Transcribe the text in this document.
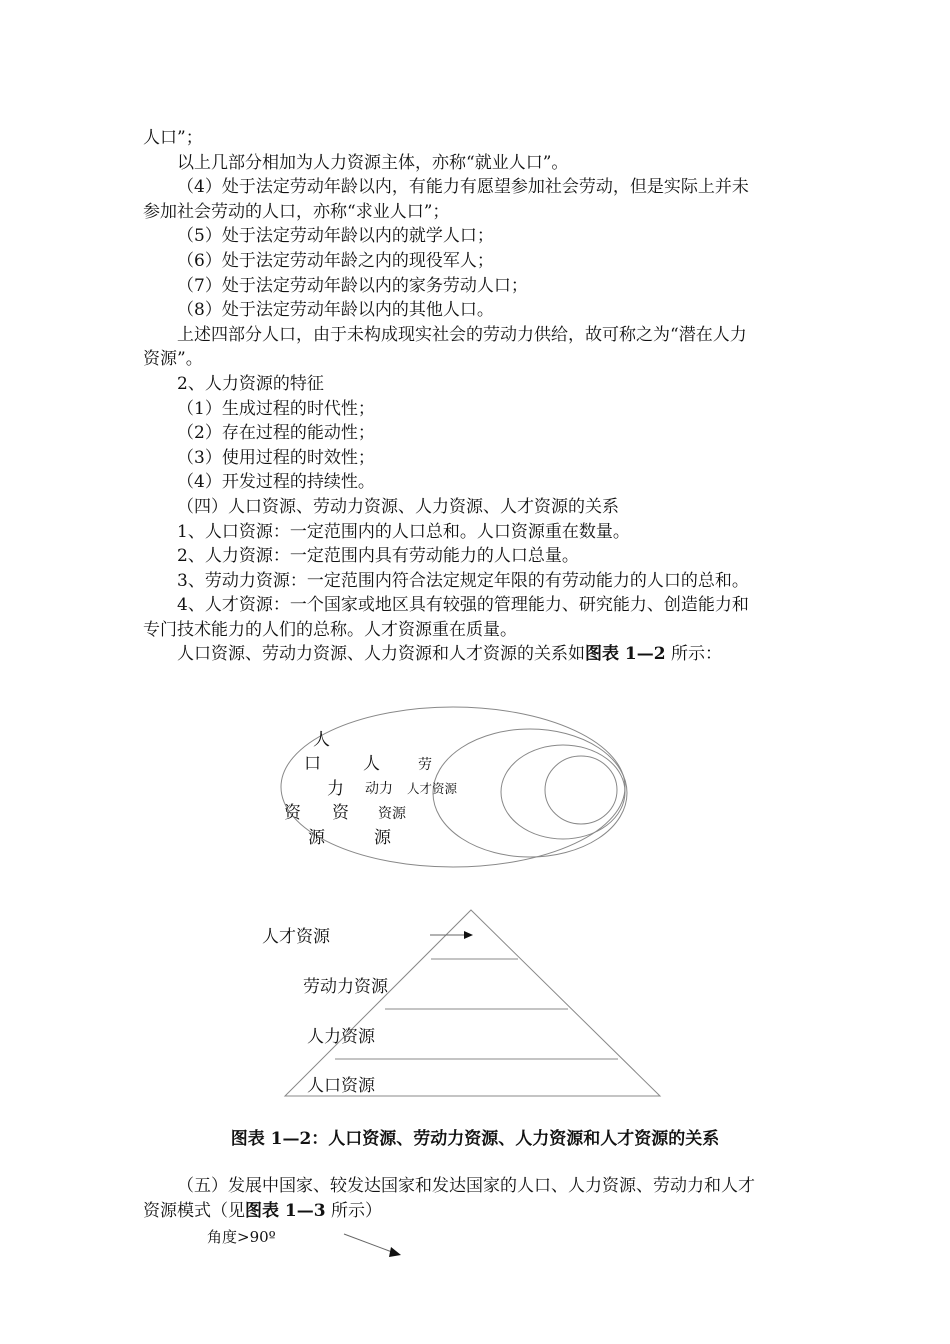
人口”；
以上几部分相加为人力资源主体，亦称“就业人口”。
（4）处于法定劳动年龄以内，有能力有愿望参加社会劳动，但是实际上并未
参加社会劳动的人口，亦称“求业人口”；
（5）处于法定劳动年龄以内的就学人口；
（6）处于法定劳动年龄之内的现役军人；
（7）处于法定劳动年龄以内的家务劳动人口；
（8）处于法定劳动年龄以内的其他人口。
上述四部分人口，由于未构成现实社会的劳动力供给，故可称之为“潜在人力
资源”。
2、人力资源的特征
（1）生成过程的时代性；
（2）存在过程的能动性；
（3）使用过程的时效性；
（4）开发过程的持续性。
（四）人口资源、劳动力资源、人力资源、人才资源的关系
1、人口资源：一定范围内的人口总和。人口资源重在数量。
2、人力资源：一定范围内具有劳动能力的人口总量。
3、劳动力资源：一定范围内符合法定规定年限的有劳动能力的人口的总和。
4、人才资源：一个国家或地区具有较强的管理能力、研究能力、创造能力和
专门技术能力的人们的总称。人才资源重在质量。
人口资源、劳动力资源、人力资源和人才资源的关系如图表 1—2 所示：
人
口
资
源
人
力
资
源
劳
动力
资源
人才资源
人才资源
劳动力资源
人力资源
人口资源
图表 1—2：人口资源、劳动力资源、人力资源和人才资源的关系
（五）发展中国家、较发达国家和发达国家的人口、人力资源、劳动力和人才
资源模式（见图表 1—3 所示）
角度>90º
